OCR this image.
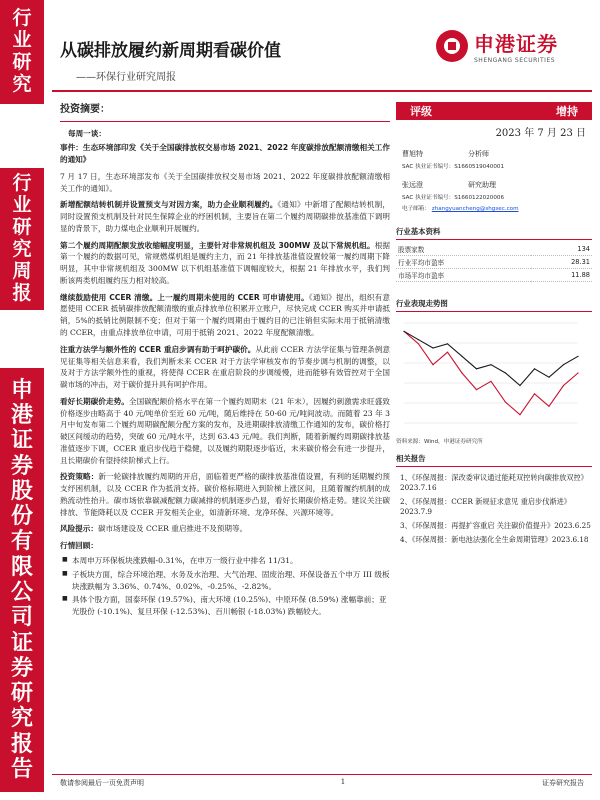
行
业
研
究
行
业
研
究
周
报
申
港
证
券
股
份
有
限
公
司
证
券
研
究
报
告
从碳排放履约新周期看碳价值
——环保行业研究周报
申港证券
SHENGANG SECURITIES
投资摘要：
每周一谈：

事件：生态环境部印发《关于全国碳排放权交易市场 2021、2022 年度碳排放配额清缴相关工作的通知》

7 月 17 日，生态环境部发布《关于全国碳排放权交易市场 2021、2022 年度碳排放配额清缴相关工作的通知》。

新增配额结转机制并设置预支与对因方案，助力企业顺利履约。《通知》中新增了配额结转机制，同时设置预支机制及针对民生保障企业的纾困机制，主要旨在第二个履约周期碳排放基准值下调明显的背景下，助力煤电企业顺利开展履约。

第二个履约周期配额发放收缩幅度明显，主要针对非常规机组及 300MW 及以下常规机组。根据第一个履约的数据可见，常规燃煤机组是履约主力，而 21 年排放基准值设置较第一履约周期下降明显，其中非常规机组及 300MW 以下机组基准值下调幅度较大，根据 21 年排放水平，我们判断该两类机组履约压力相对较高。

继续鼓励使用 CCER 清缴。上一履约周期未使用的 CCER 可申请使用。《通知》提出，组织有意愿使用 CCER 抵销碳排放配额清缴的重点排放单位积累开立账户，尽快完成 CCER 购买并申请抵销，5%的抵销比例限制不变；但对于第一个履约周期由于履约目的已注销但实际未用于抵销清缴的 CCER，由重点排放单位申请，可用于抵销 2021、2022 年度配额清缴。

注重方法学与额外性的 CCER 重启步调有助于呵护碳价。从此前 CCER 方法学征集与管理条例意见征集等相关信息来看，我们判断未来 CCER 对于方法学审核发布的节奏步调与机制的调整，以及对于方法学额外性的重视，将使得 CCER 在重启阶段的步调缓慢，进而能够有效管控对于全国碳市场的冲击，对于碳价提升具有呵护作用。

看好长期碳价走势。全国碳配额价格水平在第一个履约周期末（21 年末），因履约刺激需求旺盛致价格逐步由略高于 40 元/吨单价至近 60 元/吨，随后维持在 50-60 元/吨间波动。而随着 23 年 3 月中旬发布第二个履约周期碳配额分配方案的发布，及进期碳排放清缴工作通知的发布，碳价格打破区间缓动的趋势，突破 60 元/吨水平，达到 63.43 元/吨。我们判断，随着新履约周期碳排放基准值逐步下调，CCER 重启步伐趋于稳健，以及履约期限逐步临近，未来碳价格会有进一步提升，且长期碳价有望持续阶梯式上行。

投资策略：新一轮碳排放履约周期的开启，面临着更严格的碳排放基准值设置，有利的延期履约预支纾困机制，以及 CCER 作为抵消支持。碳价格标期进入到阶梯上涨区间，且随着履约机制的成熟流动性抬升。碳市场依靠碳减配额力碳减排的机制逐步凸显，看好长期碳价格走势。建议关注碳排放、节能降耗以及 CCER 开发相关企业，如清新环境、龙净环保、兴源环境等。

风险提示：碳市场建设及 CCER 重启推进不及预期等。

行情回顾：
■ 本周申万环保板块涨跌幅-0.31%，在申万一级行业中排名 11/31。
■ 子板块方面，综合环境治理、水务及水治理、大气治理、固废治理、环保设备五个申万 III 级板块涨跌幅为 3.36%、0.74%、0.02%、-0.25%、-2.82%。
■ 具体个股方面，国泰环保 (19.57%)、南大环境 (10.25%)、中原环保 (8.59%) 涨幅靠前；亚光股份 (-10.1%)、复旦环保 (-12.53%)、百川畅银 (-18.03%) 跌幅较大。
评级	增持
2023 年 7 月 23 日
曹旭特	分析师
SAC 执业证书编号：S1660519040001
张远澄	研究助理
SAC 执业证书编号：S1660122020006
电子邮箱： zhangyuancheng@shgsec.com
行业基本资料
股票家数	134
行业平均市盈率	28.31
市场平均市盈率	11.88
行业表现走势图
资料来源：Wind，申港证券研究所
相关报告
1、《环保周报：深改委审议通过能耗双控转向碳排放双控》2023.7.16
2、《环保周报：CCER 新规征求意见 重启步伐渐进》2023.7.9
3、《环保周报：再提扩容重启 关注碳价值提升》2023.6.25
4、《环保周报：新电池法强化全生命周期管理》2023.6.18
敬请参阅最后一页免责声明	1	证券研究报告
